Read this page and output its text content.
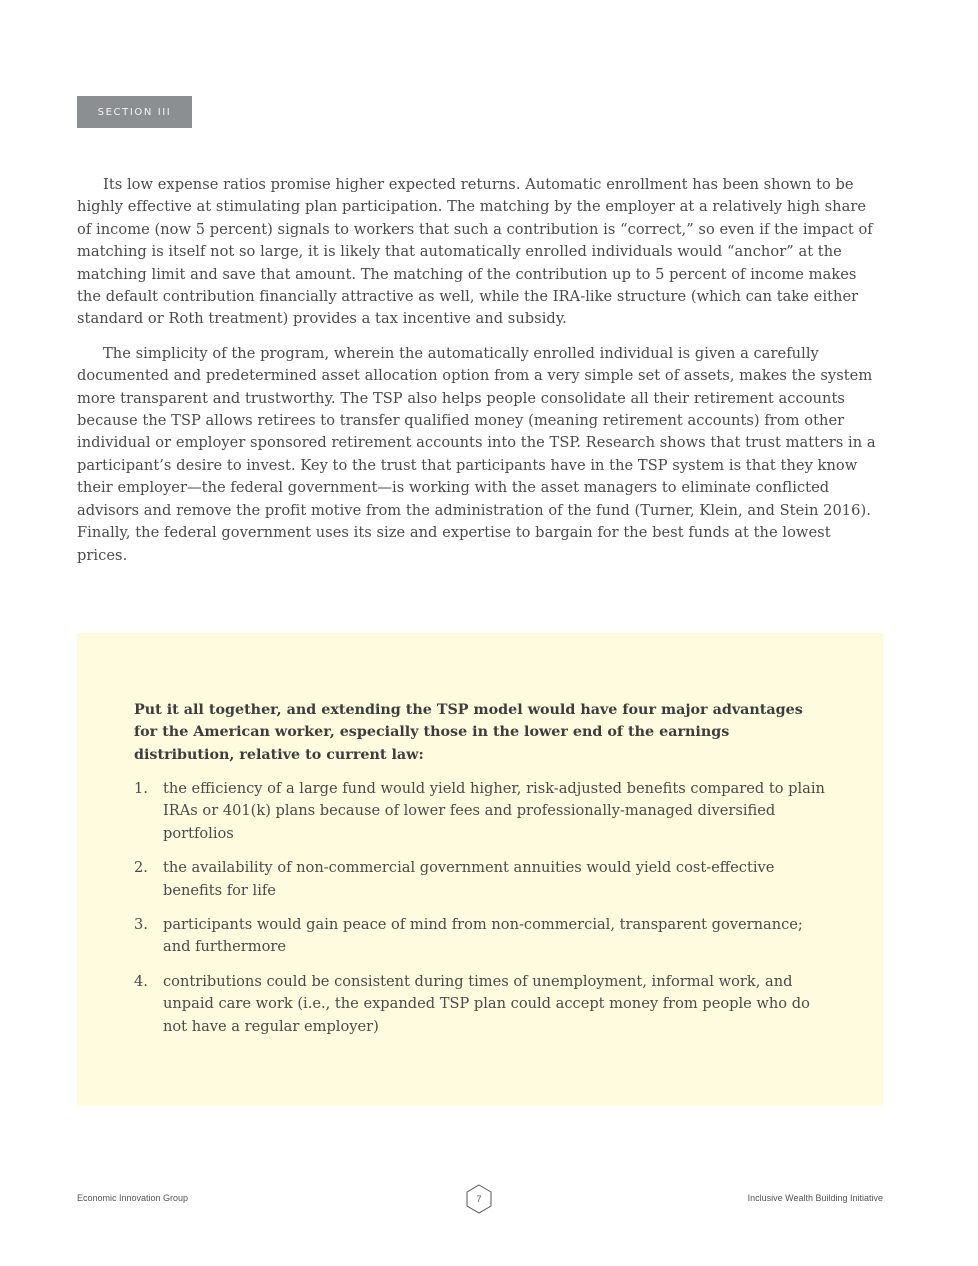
SECTION III

Its low expense ratios promise higher expected returns. Automatic enrollment has been shown to be highly effective at stimulating plan participation. The matching by the employer at a relatively high share of income (now 5 percent) signals to workers that such a contribution is “correct,” so even if the impact of matching is itself not so large, it is likely that automatically enrolled individuals would “anchor” at the matching limit and save that amount. The matching of the contribution up to 5 percent of income makes the default contribution financially attractive as well, while the IRA-like structure (which can take either standard or Roth treatment) provides a tax incentive and subsidy.

The simplicity of the program, wherein the automatically enrolled individual is given a carefully documented and predetermined asset allocation option from a very simple set of assets, makes the system more transparent and trustworthy. The TSP also helps people consolidate all their retirement accounts because the TSP allows retirees to transfer qualified money (meaning retirement accounts) from other individual or employer sponsored retirement accounts into the TSP. Research shows that trust matters in a participant’s desire to invest. Key to the trust that participants have in the TSP system is that they know their employer—the federal government—is working with the asset managers to eliminate conflicted advisors and remove the profit motive from the administration of the fund (Turner, Klein, and Stein 2016). Finally, the federal government uses its size and expertise to bargain for the best funds at the lowest prices.

Put it all together, and extending the TSP model would have four major advantages for the American worker, especially those in the lower end of the earnings distribution, relative to current law:

1. the efficiency of a large fund would yield higher, risk-adjusted benefits compared to plain IRAs or 401(k) plans because of lower fees and professionally-managed diversified portfolios
2. the availability of non-commercial government annuities would yield cost-effective benefits for life
3. participants would gain peace of mind from non-commercial, transparent governance; and furthermore
4. contributions could be consistent during times of unemployment, informal work, and unpaid care work (i.e., the expanded TSP plan could accept money from people who do not have a regular employer)
Economic Innovation Group	7	Inclusive Wealth Building Initiative
